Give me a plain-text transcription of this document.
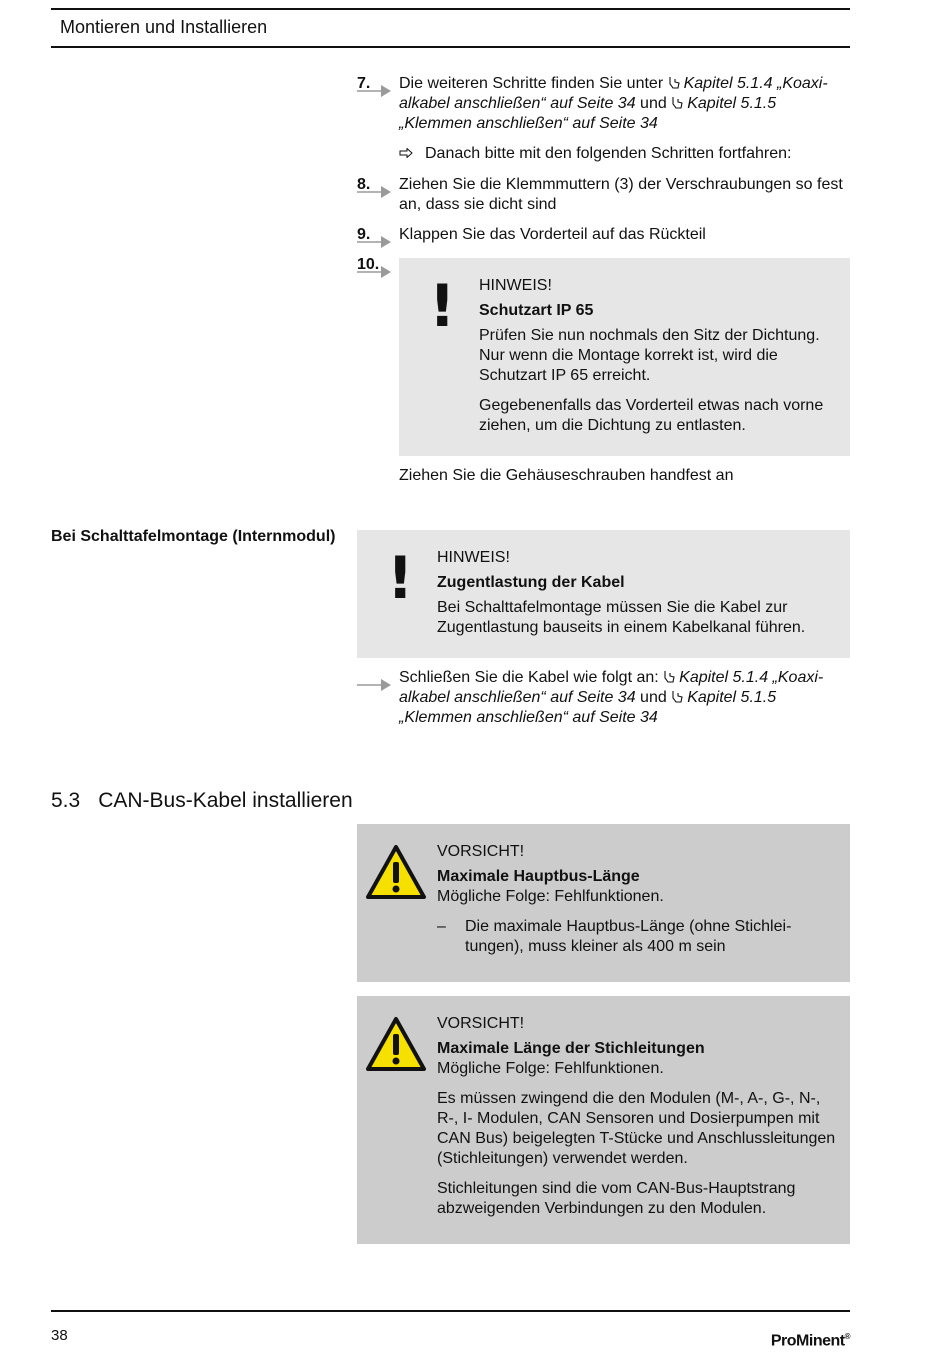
Montieren und Installieren
7. Die weiteren Schritte finden Sie unter Kapitel 5.1.4 „Koaxialkabel anschließen“ auf Seite 34 und Kapitel 5.1.5 „Klemmen anschließen“ auf Seite 34
Danach bitte mit den folgenden Schritten fortfahren:
8. Ziehen Sie die Klemmmuttern (3) der Verschraubungen so fest an, dass sie dicht sind
9. Klappen Sie das Vorderteil auf das Rückteil
10.
! HINWEIS!
Schutzart IP 65
Prüfen Sie nun nochmals den Sitz der Dichtung. Nur wenn die Montage korrekt ist, wird die Schutzart IP 65 erreicht.
Gegebenenfalls das Vorderteil etwas nach vorne ziehen, um die Dichtung zu entlasten.
Ziehen Sie die Gehäuseschrauben handfest an
Bei Schalttafelmontage (Internmodul)
! HINWEIS!
Zugentlastung der Kabel
Bei Schalttafelmontage müssen Sie die Kabel zur Zugentlastung bauseits in einem Kabelkanal führen.
Schließen Sie die Kabel wie folgt an: Kapitel 5.1.4 „Koaxialkabel anschließen“ auf Seite 34 und Kapitel 5.1.5 „Klemmen anschließen“ auf Seite 34
5.3 CAN-Bus-Kabel installieren
VORSICHT!
Maximale Hauptbus-Länge
Mögliche Folge: Fehlfunktionen.
–	Die maximale Hauptbus-Länge (ohne Stichleitungen), muss kleiner als 400 m sein
VORSICHT!
Maximale Länge der Stichleitungen
Mögliche Folge: Fehlfunktionen.
Es müssen zwingend die den Modulen (M-, A-, G-, N-, R-, I- Modulen, CAN Sensoren und Dosierpumpen mit CAN Bus) beigelegten T-Stücke und Anschlussleitungen (Stichleitungen) verwendet werden.
Stichleitungen sind die vom CAN-Bus-Hauptstrang abzweigenden Verbindungen zu den Modulen.
38	ProMinent®
